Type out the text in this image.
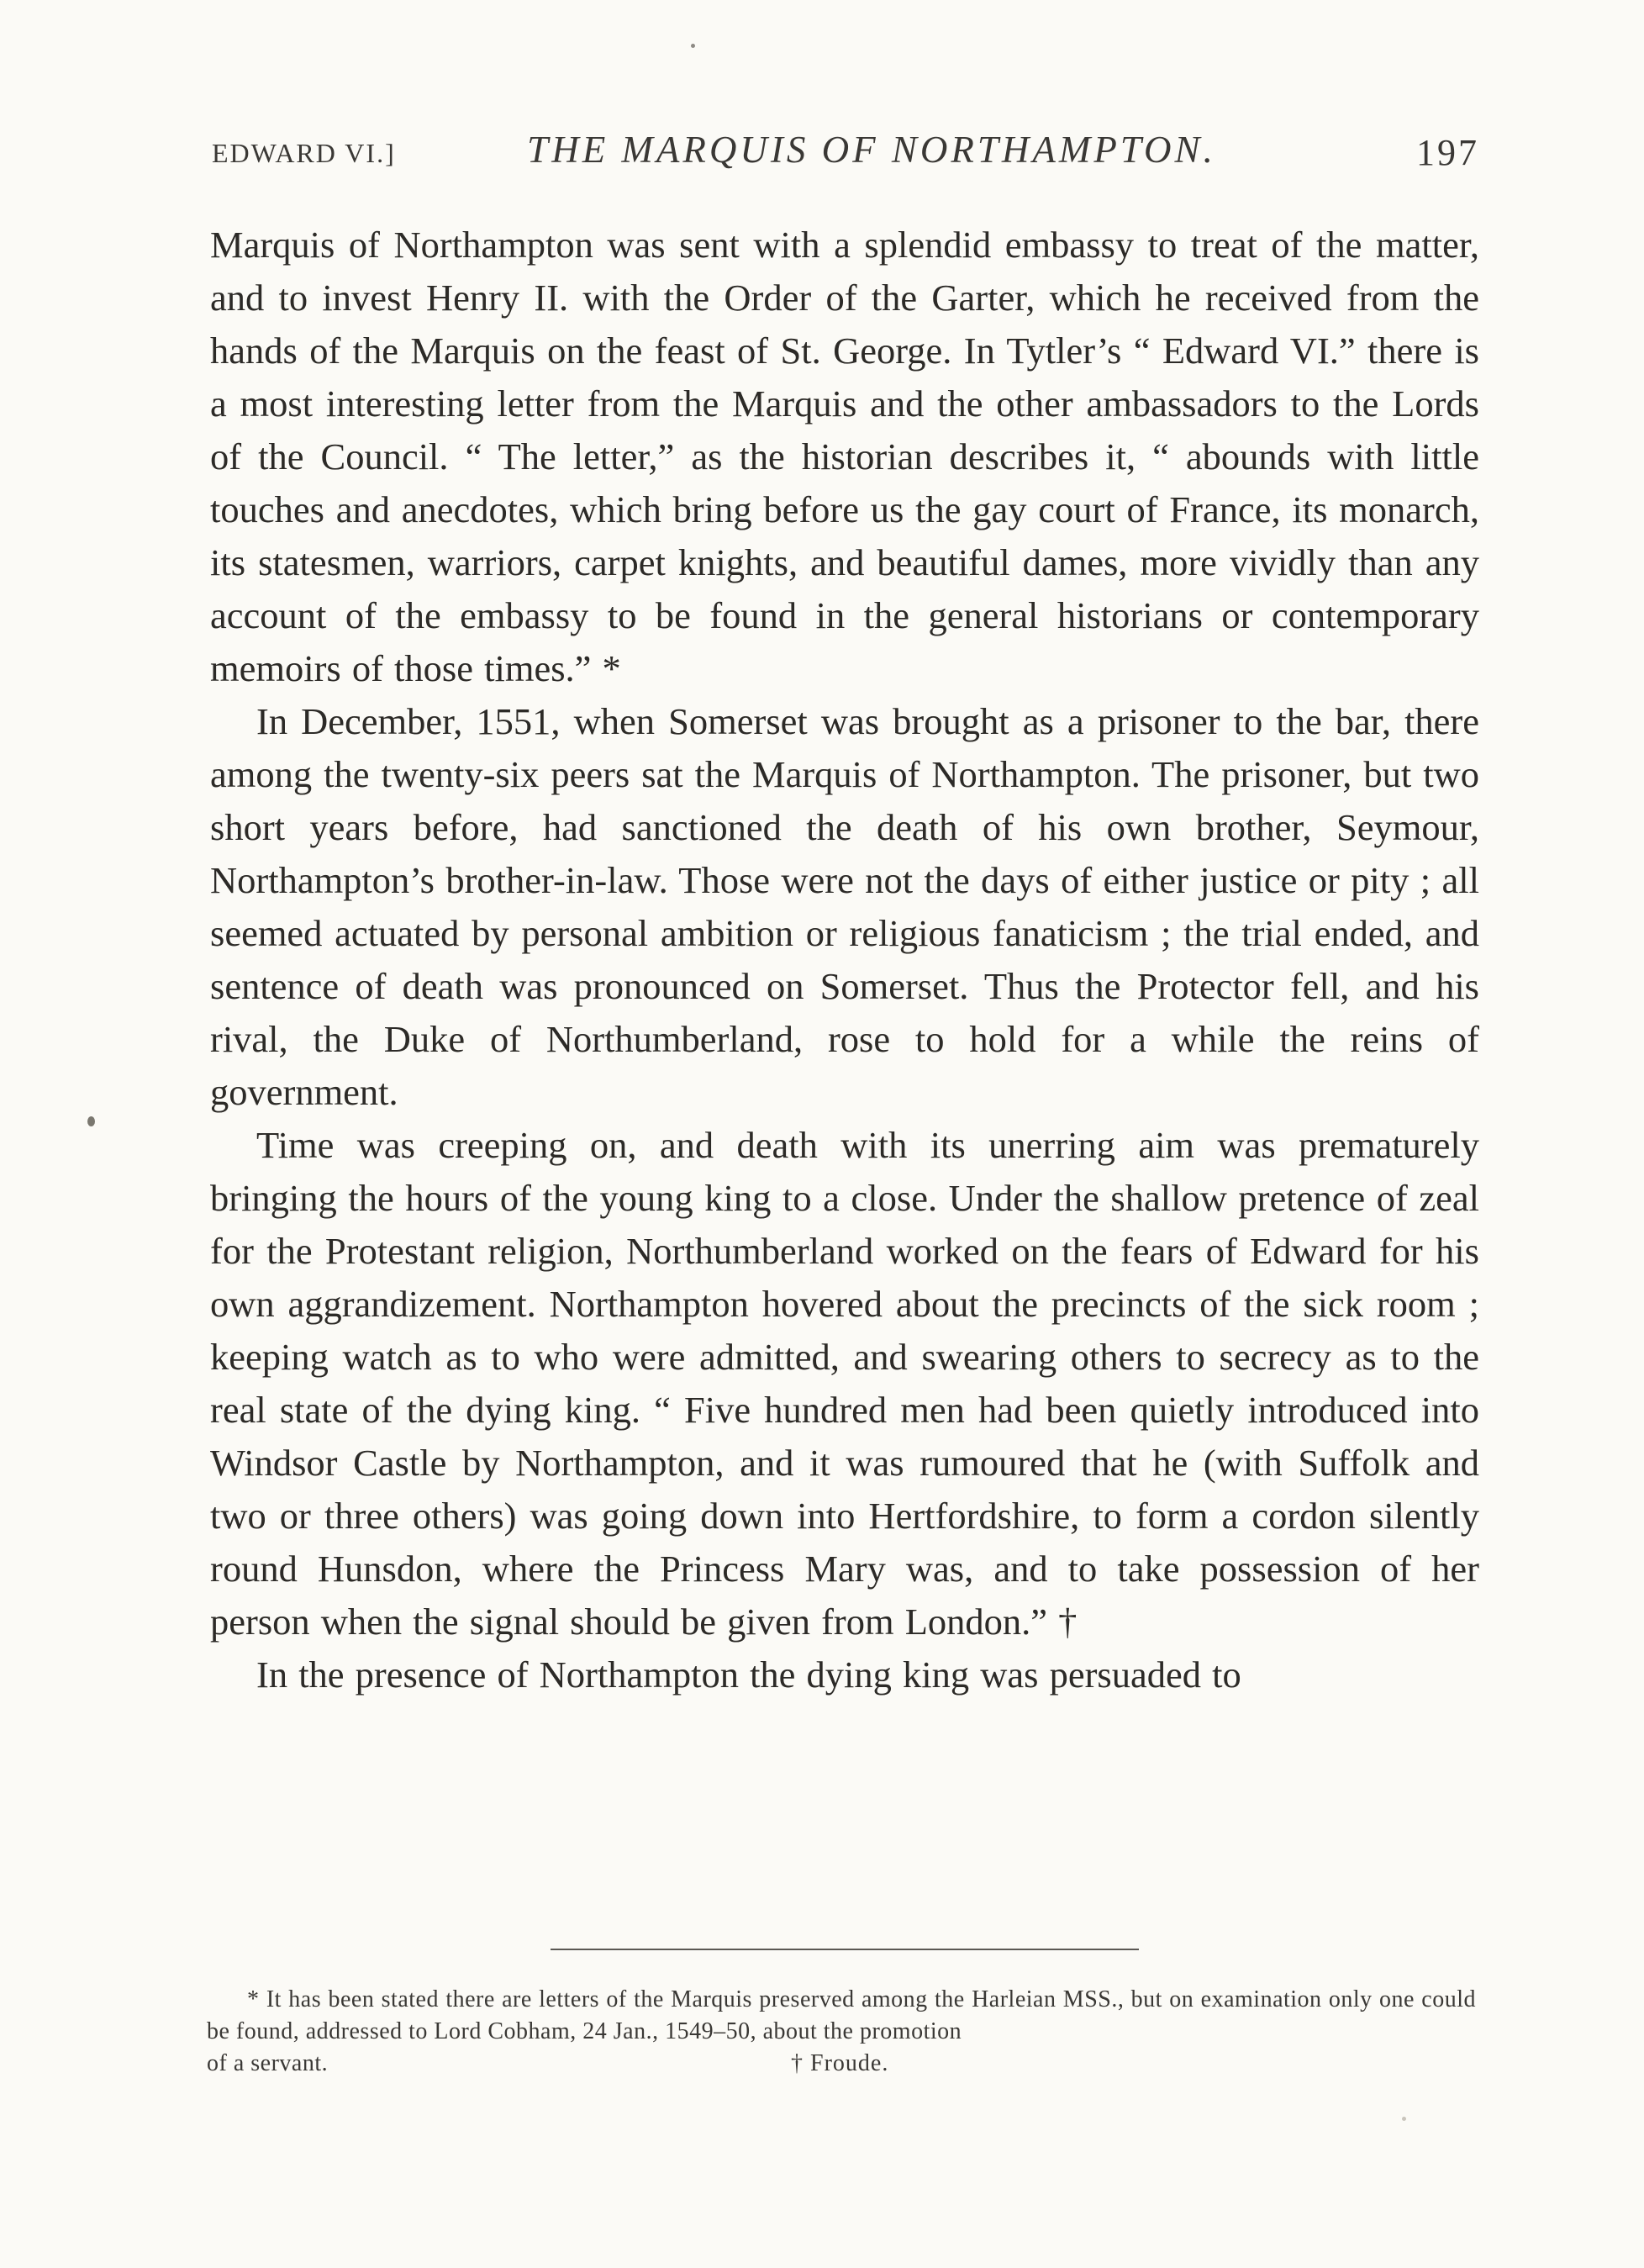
EDWARD VI.]	THE MARQUIS OF NORTHAMPTON.	197

Marquis of Northampton was sent with a splendid embassy to treat of the matter, and to invest Henry II. with the Order of the Garter, which he received from the hands of the Marquis on the feast of St. George. In Tytler’s “ Edward VI.” there is a most interesting letter from the Marquis and the other ambassadors to the Lords of the Council. “ The letter,” as the historian describes it, “ abounds with little touches and anecdotes, which bring before us the gay court of France, its monarch, its statesmen, warriors, carpet knights, and beautiful dames, more vividly than any account of the embassy to be found in the general historians or contemporary memoirs of those times.” *

In December, 1551, when Somerset was brought as a prisoner to the bar, there among the twenty-six peers sat the Marquis of Northampton. The prisoner, but two short years before, had sanctioned the death of his own brother, Seymour, Northampton’s brother-in-law. Those were not the days of either justice or pity ; all seemed actuated by personal ambition or religious fanaticism ; the trial ended, and sentence of death was pronounced on Somerset. Thus the Protector fell, and his rival, the Duke of Northumberland, rose to hold for a while the reins of government.

Time was creeping on, and death with its unerring aim was prematurely bringing the hours of the young king to a close. Under the shallow pretence of zeal for the Protestant religion, Northumberland worked on the fears of Edward for his own aggrandizement. Northampton hovered about the precincts of the sick room ; keeping watch as to who were admitted, and swearing others to secrecy as to the real state of the dying king. “ Five hundred men had been quietly introduced into Windsor Castle by Northampton, and it was rumoured that he (with Suffolk and two or three others) was going down into Hertfordshire, to form a cordon silently round Hunsdon, where the Princess Mary was, and to take possession of her person when the signal should be given from London.” †

In the presence of Northampton the dying king was persuaded to

* It has been stated there are letters of the Marquis preserved among the Harleian MSS., but on examination only one could be found, addressed to Lord Cobham, 24 Jan., 1549–50, about the promotion

of a servant.	† Froude.
